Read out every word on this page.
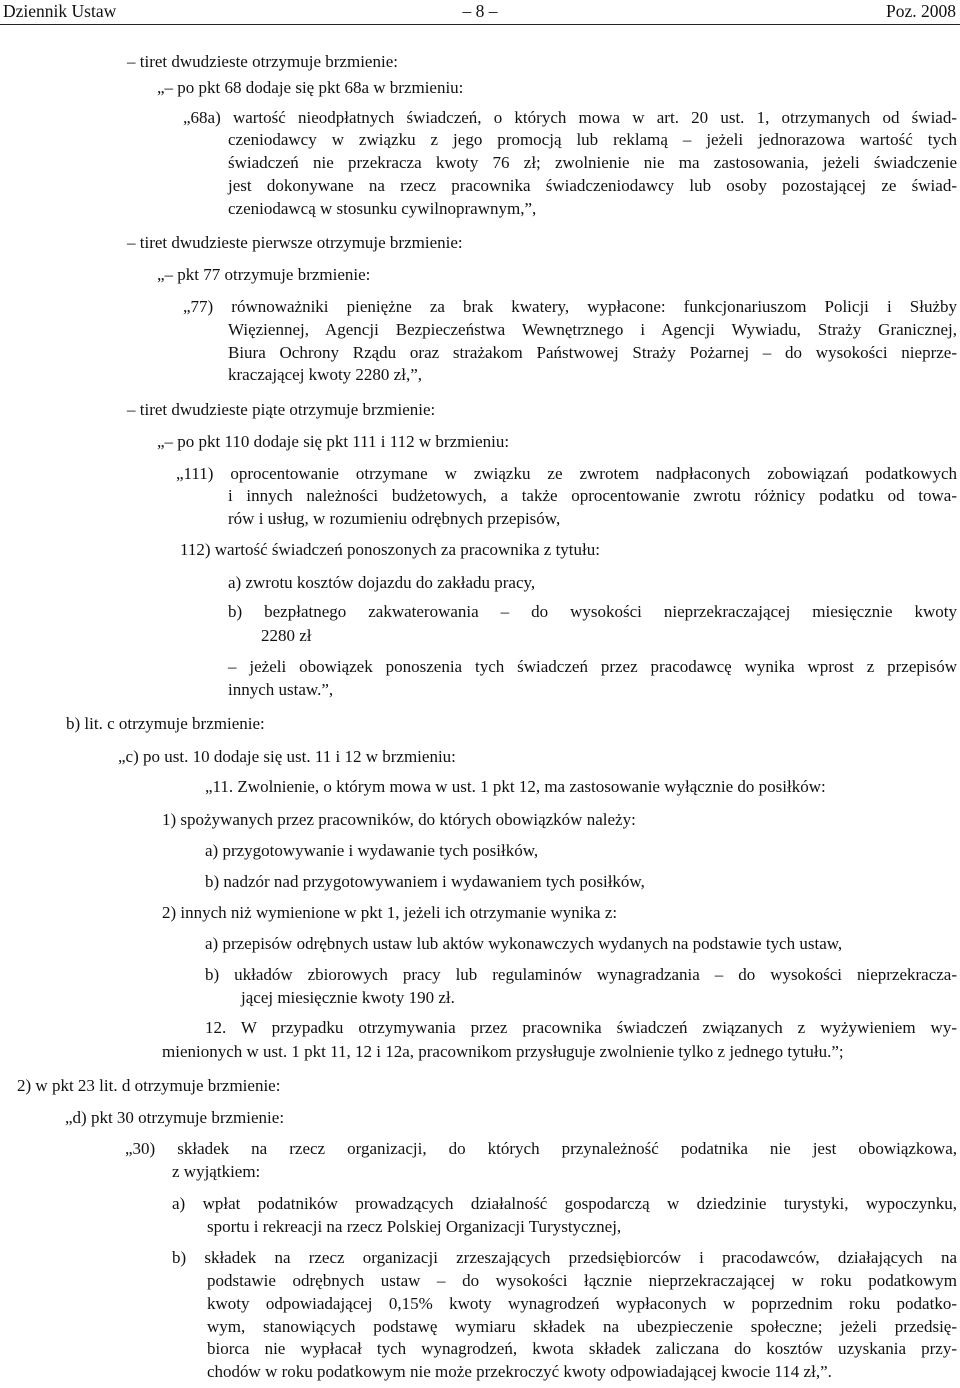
Dziennik Ustaw	– 8 –	Poz. 2008
– tiret dwudzieste otrzymuje brzmienie:
„– po pkt 68 dodaje się pkt 68a w brzmieniu:
„68a) wartość nieodpłatnych świadczeń, o których mowa w art. 20 ust. 1, otrzymanych od świad-
czeniodawcy w związku z jego promocją lub reklamą – jeżeli jednorazowa wartość tych
świadczeń nie przekracza kwoty 76 zł; zwolnienie nie ma zastosowania, jeżeli świadczenie
jest dokonywane na rzecz pracownika świadczeniodawcy lub osoby pozostającej ze świad-
czeniodawcą w stosunku cywilnoprawnym,”,
– tiret dwudzieste pierwsze otrzymuje brzmienie:
„– pkt 77 otrzymuje brzmienie:
„77) równoważniki pieniężne za brak kwatery, wypłacone: funkcjonariuszom Policji i Służby
Więziennej, Agencji Bezpieczeństwa Wewnętrznego i Agencji Wywiadu, Straży Granicznej,
Biura Ochrony Rządu oraz strażakom Państwowej Straży Pożarnej – do wysokości nieprze-
kraczającej kwoty 2280 zł,”,
– tiret dwudzieste piąte otrzymuje brzmienie:
„– po pkt 110 dodaje się pkt 111 i 112 w brzmieniu:
„111) oprocentowanie otrzymane w związku ze zwrotem nadpłaconych zobowiązań podatkowych
i innych należności budżetowych, a także oprocentowanie zwrotu różnicy podatku od towa-
rów i usług, w rozumieniu odrębnych przepisów,
112) wartość świadczeń ponoszonych za pracownika z tytułu:
a) zwrotu kosztów dojazdu do zakładu pracy,
b) bezpłatnego zakwaterowania – do wysokości nieprzekraczającej miesięcznie kwoty
2280 zł
– jeżeli obowiązek ponoszenia tych świadczeń przez pracodawcę wynika wprost z przepisów
innych ustaw.”,
b) lit. c otrzymuje brzmienie:
„c) po ust. 10 dodaje się ust. 11 i 12 w brzmieniu:
„11. Zwolnienie, o którym mowa w ust. 1 pkt 12, ma zastosowanie wyłącznie do posiłków:
1) spożywanych przez pracowników, do których obowiązków należy:
a) przygotowywanie i wydawanie tych posiłków,
b) nadzór nad przygotowywaniem i wydawaniem tych posiłków,
2) innych niż wymienione w pkt 1, jeżeli ich otrzymanie wynika z:
a) przepisów odrębnych ustaw lub aktów wykonawczych wydanych na podstawie tych ustaw,
b) układów zbiorowych pracy lub regulaminów wynagradzania – do wysokości nieprzekracza-
jącej miesięcznie kwoty 190 zł.
12. W przypadku otrzymywania przez pracownika świadczeń związanych z wyżywieniem wy-
mienionych w ust. 1 pkt 11, 12 i 12a, pracownikom przysługuje zwolnienie tylko z jednego tytułu.”;
2) w pkt 23 lit. d otrzymuje brzmienie:
„d) pkt 30 otrzymuje brzmienie:
„30) składek na rzecz organizacji, do których przynależność podatnika nie jest obowiązkowa,
z wyjątkiem:
a) wpłat podatników prowadzących działalność gospodarczą w dziedzinie turystyki, wypoczynku,
sportu i rekreacji na rzecz Polskiej Organizacji Turystycznej,
b) składek na rzecz organizacji zrzeszających przedsiębiorców i pracodawców, działających na
podstawie odrębnych ustaw – do wysokości łącznie nieprzekraczającej w roku podatkowym
kwoty odpowiadającej 0,15% kwoty wynagrodzeń wypłaconych w poprzednim roku podatko-
wym, stanowiących podstawę wymiaru składek na ubezpieczenie społeczne; jeżeli przedsię-
biorca nie wypłacał tych wynagrodzeń, kwota składek zaliczana do kosztów uzyskania przy-
chodów w roku podatkowym nie może przekroczyć kwoty odpowiadającej kwocie 114 zł,”.
